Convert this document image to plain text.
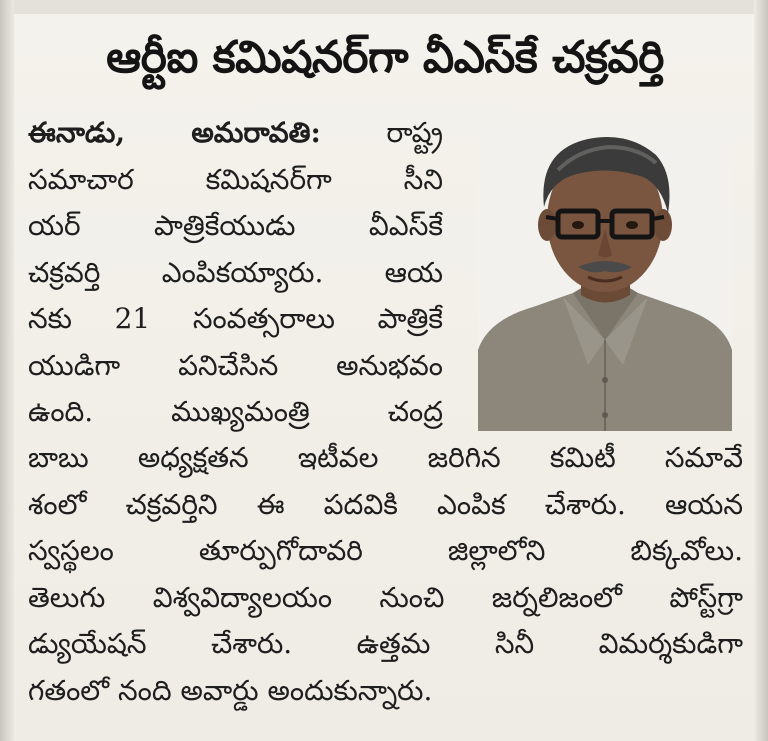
ఆర్టీఐ కమిషనర్‌గా వీఎస్‌కే చక్రవర్తి
ఈనాడు, అమరావతి: రాష్ట్ర
సమాచార కమిషనర్‌గా సీని
యర్ పాత్రికేయుడు వీఎస్‌కే
చక్రవర్తి ఎంపికయ్యారు. ఆయ
నకు 21 సంవత్సరాలు పాత్రికే
యుడిగా పనిచేసిన అనుభవం
ఉంది. ముఖ్యమంత్రి చంద్ర
బాబు అధ్యక్షతన ఇటీవల జరిగిన కమిటీ సమావే
శంలో చక్రవర్తిని ఈ పదవికి ఎంపిక చేశారు. ఆయన
స్వస్థలం తూర్పుగోదావరి జిల్లాలోని బిక్కవోలు.
తెలుగు విశ్వవిద్యాలయం నుంచి జర్నలిజంలో పోస్ట్‌గ్రా
డ్యుయేషన్ చేశారు. ఉత్తమ సినీ విమర్శకుడిగా
గతంలో నంది అవార్డు అందుకున్నారు.
